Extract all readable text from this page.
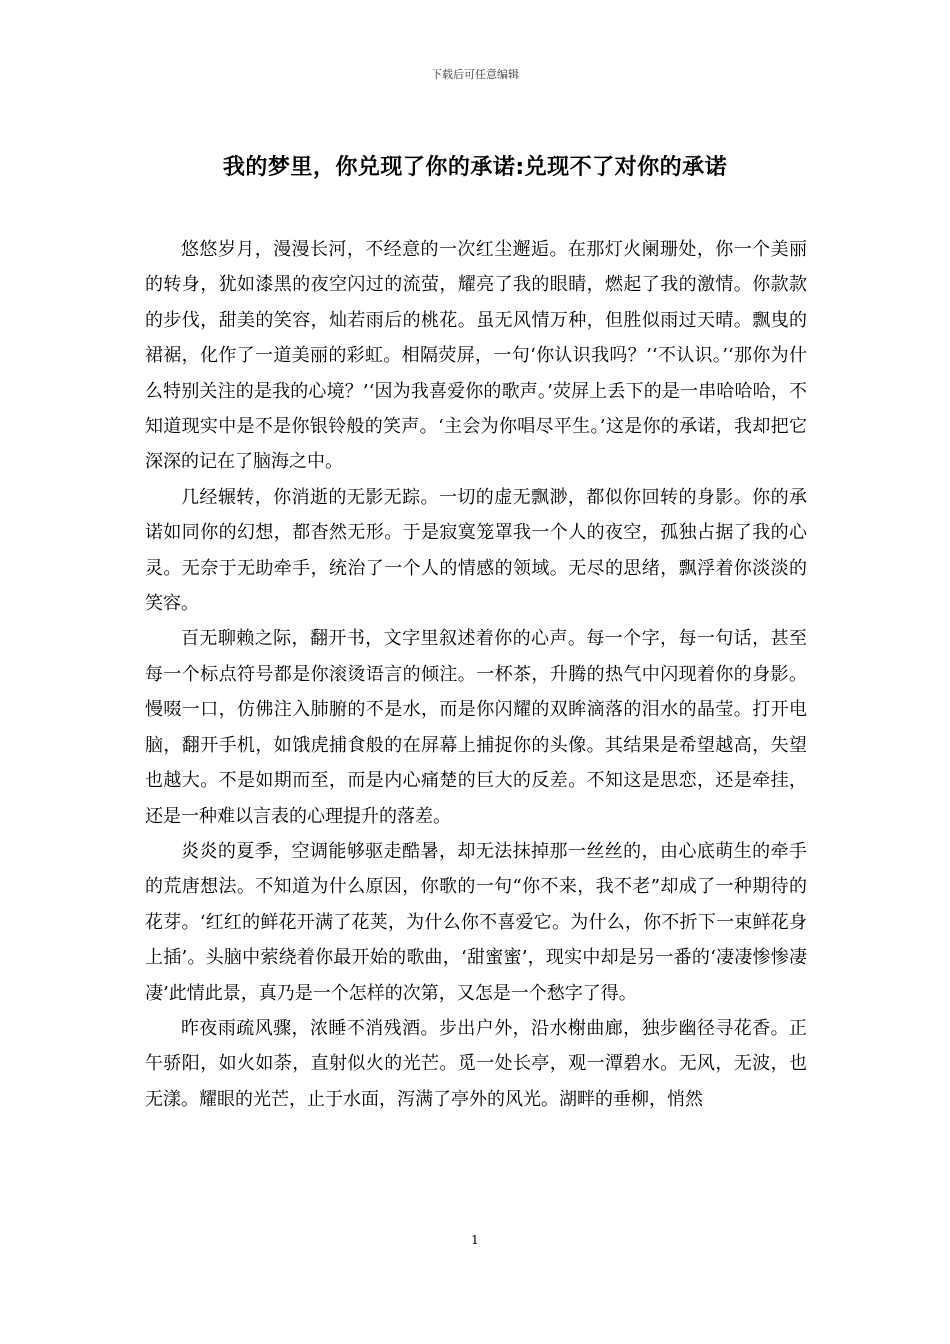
下载后可任意编辑
我的梦里，你兑现了你的承诺:兑现不了对你的承诺

悠悠岁月，漫漫长河，不经意的一次红尘邂逅。在那灯火阑珊处，你一个美丽的转身，犹如漆黑的夜空闪过的流萤，耀亮了我的眼睛，燃起了我的激情。你款款的步伐，甜美的笑容，灿若雨后的桃花。虽无风情万种，但胜似雨过天晴。飘曳的裙裾，化作了一道美丽的彩虹。相隔荧屏，一句‘你认识我吗？’‘不认识。’‘那你为什么特别关注的是我的心境？’‘因为我喜爱你的歌声。’荧屏上丢下的是一串哈哈哈，不知道现实中是不是你银铃般的笑声。‘主会为你唱尽平生。’这是你的承诺，我却把它深深的记在了脑海之中。

几经辗转，你消逝的无影无踪。一切的虚无飘渺，都似你回转的身影。你的承诺如同你的幻想，都杳然无形。于是寂寞笼罩我一个人的夜空，孤独占据了我的心灵。无奈于无助牵手，统治了一个人的情感的领域。无尽的思绪，飘浮着你淡淡的笑容。

百无聊赖之际，翻开书，文字里叙述着你的心声。每一个字，每一句话，甚至每一个标点符号都是你滚烫语言的倾注。一杯茶，升腾的热气中闪现着你的身影。慢啜一口，仿佛注入肺腑的不是水，而是你闪耀的双眸滴落的泪水的晶莹。打开电脑，翻开手机，如饿虎捕食般的在屏幕上捕捉你的头像。其结果是希望越高，失望也越大。不是如期而至，而是内心痛楚的巨大的反差。不知这是思恋，还是牵挂，还是一种难以言表的心理提升的落差。

炎炎的夏季，空调能够驱走酷暑，却无法抹掉那一丝丝的，由心底萌生的牵手的荒唐想法。不知道为什么原因，你歌的一句“你不来，我不老”却成了一种期待的花芽。‘红红的鲜花开满了花荚，为什么你不喜爱它。为什么，你不折下一束鲜花身上插’。头脑中萦绕着你最开始的歌曲，‘甜蜜蜜’，现实中却是另一番的‘凄凄惨惨凄凄’此情此景，真乃是一个怎样的次第，又怎是一个愁字了得。

昨夜雨疏风骤，浓睡不消残酒。步出户外，沿水榭曲廊，独步幽径寻花香。正午骄阳，如火如荼，直射似火的光芒。觅一处长亭，观一潭碧水。无风，无波，也无漾。耀眼的光芒，止于水面，泻满了亭外的风光。湖畔的垂柳，悄然

1
